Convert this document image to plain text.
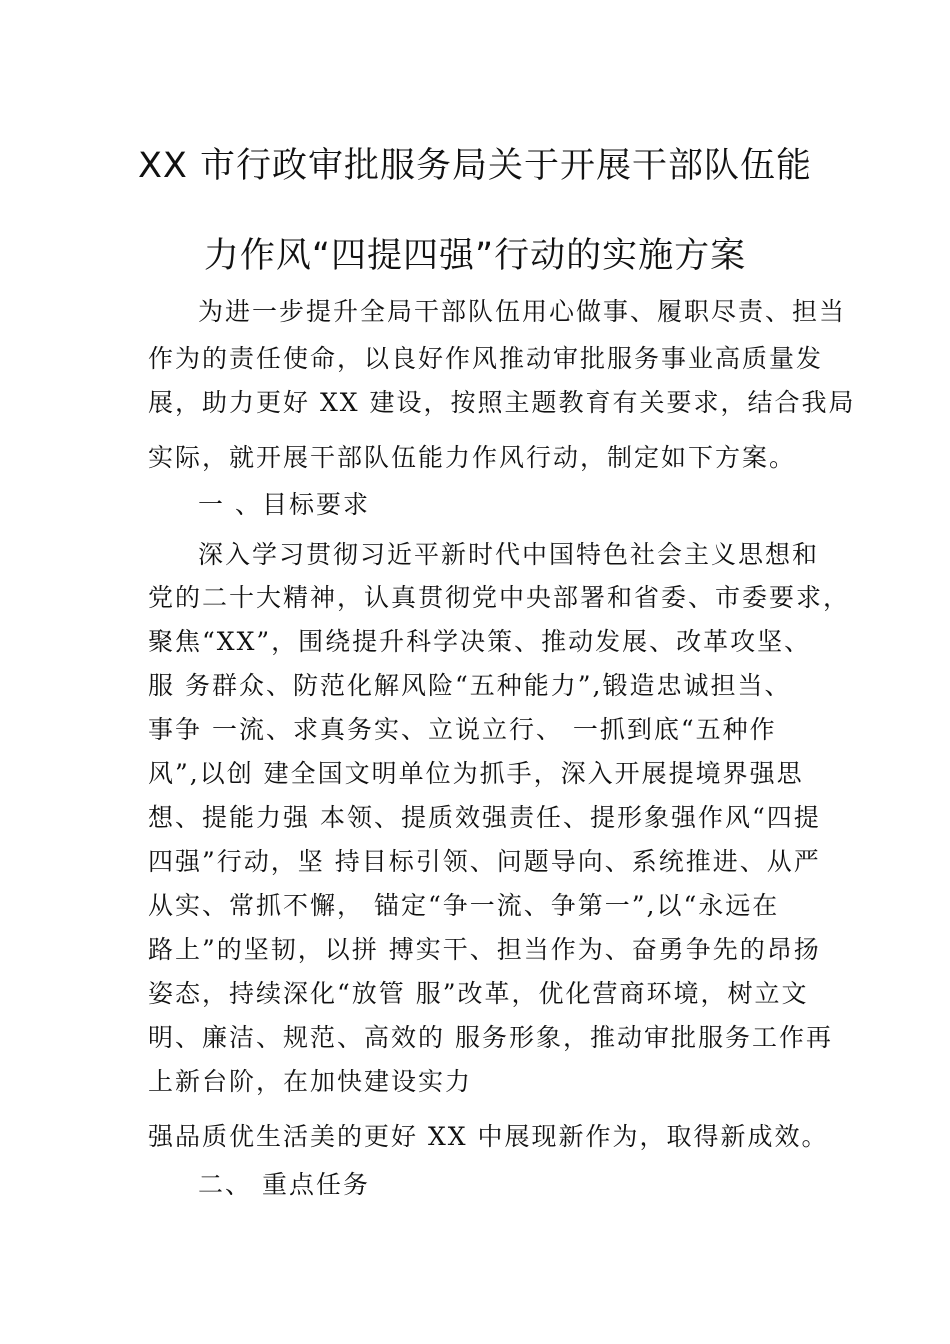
XX 市行政审批服务局关于开展干部队伍能
力作风“四提四强”行动的实施方案
为进一步提升全局干部队伍用心做事、履职尽责、担当
作为的责任使命，以良好作风推动审批服务事业高质量发
展，助力更好 XX 建设，按照主题教育有关要求，结合我局
实际，就开展干部队伍能力作风行动，制定如下方案。
一 、目标要求
深入学习贯彻习近平新时代中国特色社会主义思想和
党的二十大精神，认真贯彻党中央部署和省委、市委要求，
聚焦“XX”，围绕提升科学决策、推动发展、改革攻坚、
服 务群众、防范化解风险“五种能力”,锻造忠诚担当、
事争 一流、求真务实、立说立行、 一抓到底“五种作
风”,以创 建全国文明单位为抓手，深入开展提境界强思
想、提能力强 本领、提质效强责任、提形象强作风“四提
四强”行动，坚 持目标引领、问题导向、系统推进、从严
从实、常抓不懈， 锚定“争一流、争第一”,以“永远在
路上”的坚韧，以拼 搏实干、担当作为、奋勇争先的昂扬
姿态，持续深化“放管 服”改革，优化营商环境，树立文
明、廉洁、规范、高效的 服务形象，推动审批服务工作再
上新台阶，在加快建设实力
强品质优生活美的更好 XX 中展现新作为，取得新成效。
二、 重点任务
